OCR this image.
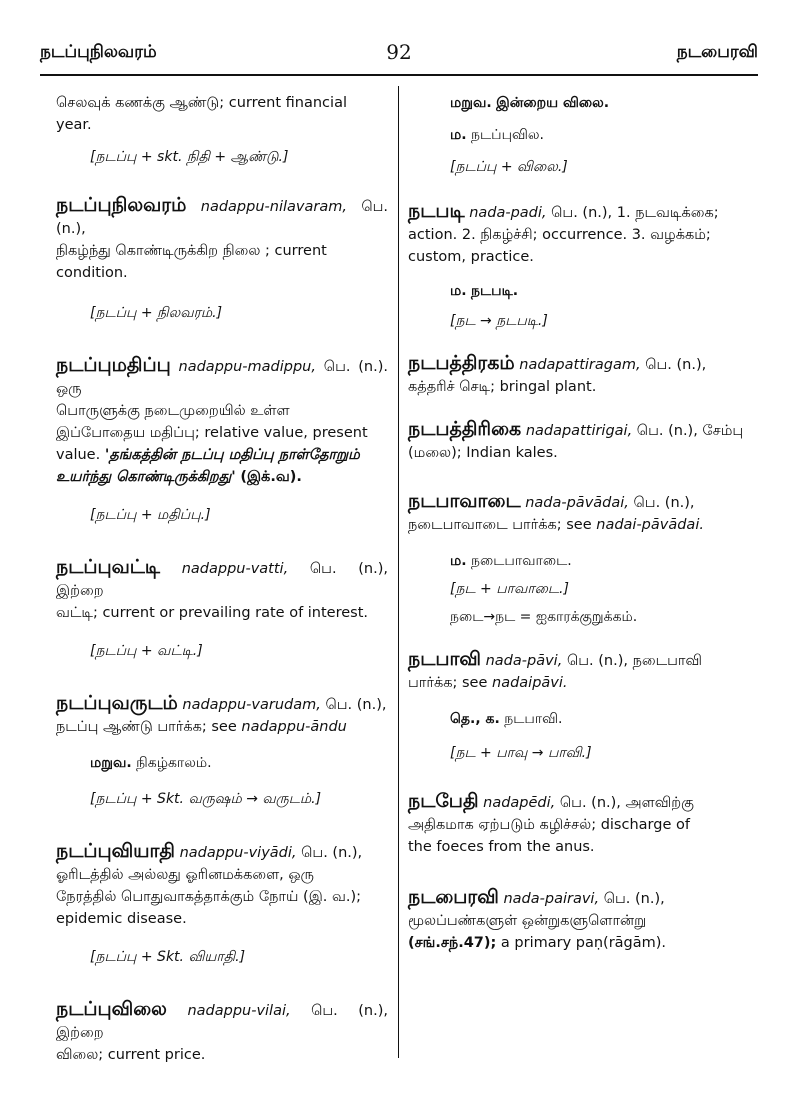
நடப்புநிலவரம்	92	நடபைரவி
செலவுக் கணக்கு ஆண்டு; current financial
year.
[நடப்பு + skt. நிதி + ஆண்டு.]
நடப்புநிலவரம் nadappu-nilavaram, பெ. (n.),
நிகழ்ந்து கொண்டிருக்கிற நிலை ; current
condition.
[நடப்பு + நிலவரம்.]
நடப்புமதிப்பு nadappu-madippu, பெ. (n.). ஒரு
பொருளுக்கு நடைமுறையில் உள்ள
இப்போதைய மதிப்பு; relative value, present
value. 'தங்கத்தின் நடப்பு மதிப்பு நாள்தோறும்
உயர்ந்து கொண்டிருக்கிறது' (இக்.வ).
[நடப்பு + மதிப்பு.]
நடப்புவட்டி nadappu-vatti, பெ. (n.), இற்றை
வட்டி; current or prevailing rate of interest.
[நடப்பு + வட்டி.]
நடப்புவருடம் nadappu-varudam, பெ. (n.),
நடப்பு ஆண்டு பார்க்க; see nadappu-āndu
மறுவ. நிகழ்காலம்.
[நடப்பு + Skt. வருஷம் → வருடம்.]
நடப்புவியாதி nadappu-viyādi, பெ. (n.),
ஓரிடத்தில் அல்லது ஓரினமக்களை, ஒரு
நேரத்தில் பொதுவாகத்தாக்கும் நோய் (இ. வ.);
epidemic disease.
[நடப்பு + Skt. வியாதி.]
நடப்புவிலை nadappu-vilai, பெ. (n.), இற்றை
விலை; current price.
மறுவ. இன்றைய விலை.
ம. நடப்புவில.
[நடப்பு + விலை.]
நடபடி nada-padi, பெ. (n.), 1. நடவடிக்கை;
action. 2. நிகழ்ச்சி; occurrence. 3. வழக்கம்;
custom, practice.
ம. நடபடி.
[நட → நடபடி.]
நடபத்திரகம் nadapattiragam, பெ. (n.),
கத்தரிச் செடி; bringal plant.
நடபத்திரிகை nadapattirigai, பெ. (n.), சேம்பு
(மலை); Indian kales.
நடபாவாடை nada-pāvādai, பெ. (n.),
நடைபாவாடை பார்க்க; see nadai-pāvādai.
ம. நடைபாவாடை.
[நட + பாவாடை.]
நடை→நட = ஐகாரக்குறுக்கம்.
நடபாவி nada-pāvi, பெ. (n.), நடைபாவி
பார்க்க; see nadaipāvi.
தெ., க. நடபாவி.
[நட + பாவு → பாவி.]
நடபேதி nadapēdi, பெ. (n.), அளவிற்கு
அதிகமாக ஏற்படும் கழிச்சல்; discharge of
the foeces from the anus.
நடபைரவி nada-pairavi, பெ. (n.),
மூலப்பண்களுள் ஒன்றுகளுளொன்று
(சங்.சந்.47); a primary paṇ(rāgām).
